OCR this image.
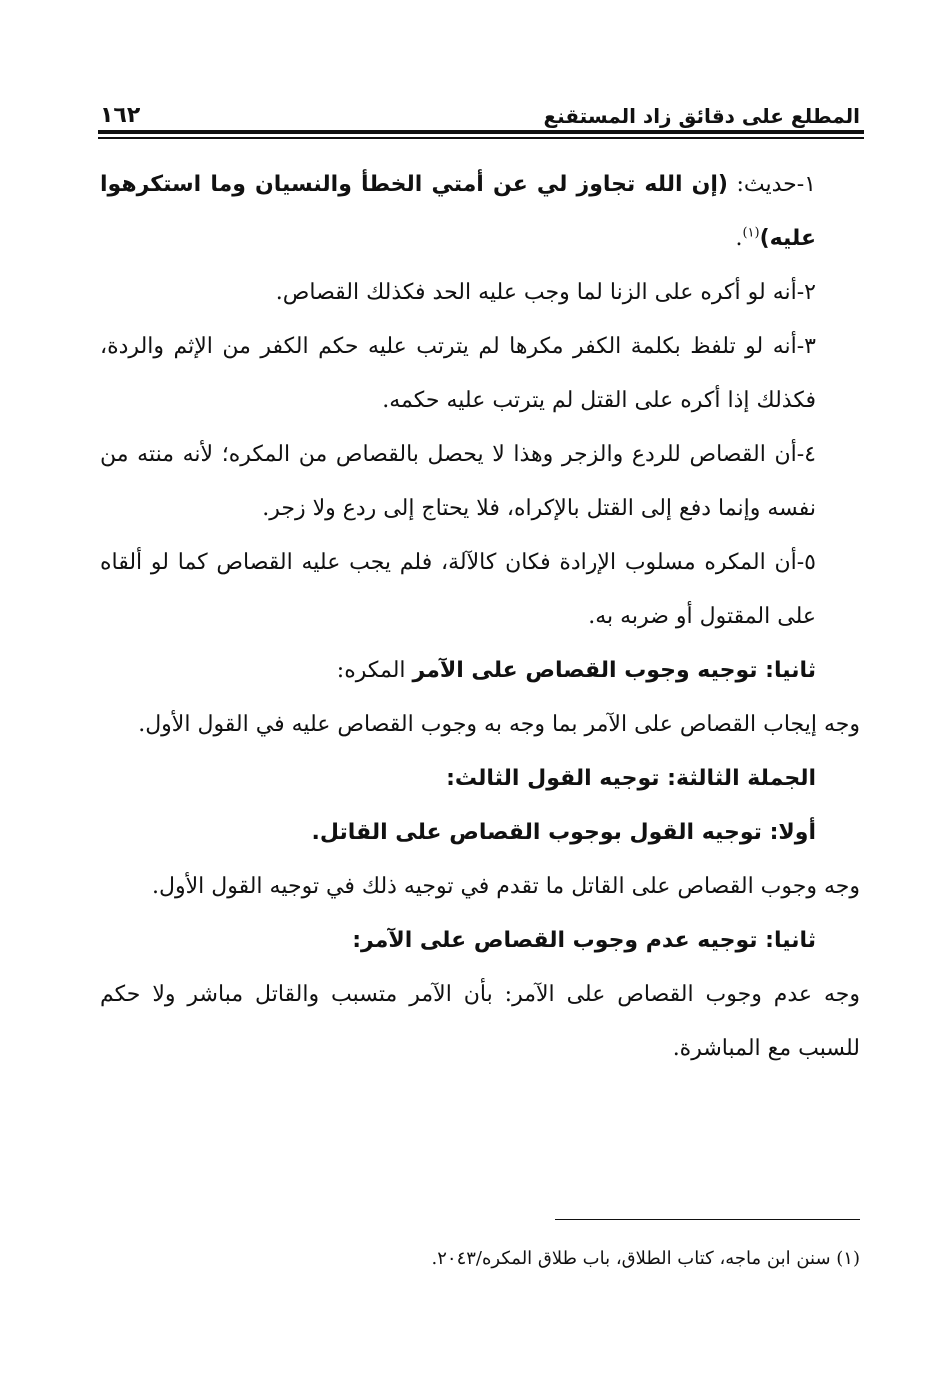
١٦٢	المطلع على دقائق زاد المستقنع

١-حديث: (إن الله تجاوز لي عن أمتي الخطأ والنسيان وما استكرهوا عليه)$^{(١)}$.

٢-أنه لو أكره على الزنا لما وجب عليه الحد فكذلك القصاص.

٣-أنه لو تلفظ بكلمة الكفر مكرها لم يترتب عليه حكم الكفر من الإثم والردة، فكذلك إذا أكره على القتل لم يترتب عليه حكمه.

٤-أن القصاص للردع والزجر وهذا لا يحصل بالقصاص من المكره؛ لأنه منته من نفسه وإنما دفع إلى القتل بالإكراه، فلا يحتاج إلى ردع ولا زجر.

٥-أن المكره مسلوب الإرادة فكان كالآلة، فلم يجب عليه القصاص كما لو ألقاه على المقتول أو ضربه به.

ثانيا: توجيه وجوب القصاص على الآمر المكره:

وجه إيجاب القصاص على الآمر بما وجه به وجوب القصاص عليه في القول الأول.

الجملة الثالثة: توجيه القول الثالث:

أولا: توجيه القول بوجوب القصاص على القاتل.

وجه وجوب القصاص على القاتل ما تقدم في توجيه ذلك في توجيه القول الأول.

ثانيا: توجيه عدم وجوب القصاص على الآمر:

وجه عدم وجوب القصاص على الآمر: بأن الآمر متسبب والقاتل مباشر ولا حكم للسبب مع المباشرة.

(١) سنن ابن ماجه، كتاب الطلاق، باب طلاق المكره/٢٠٤٣.
